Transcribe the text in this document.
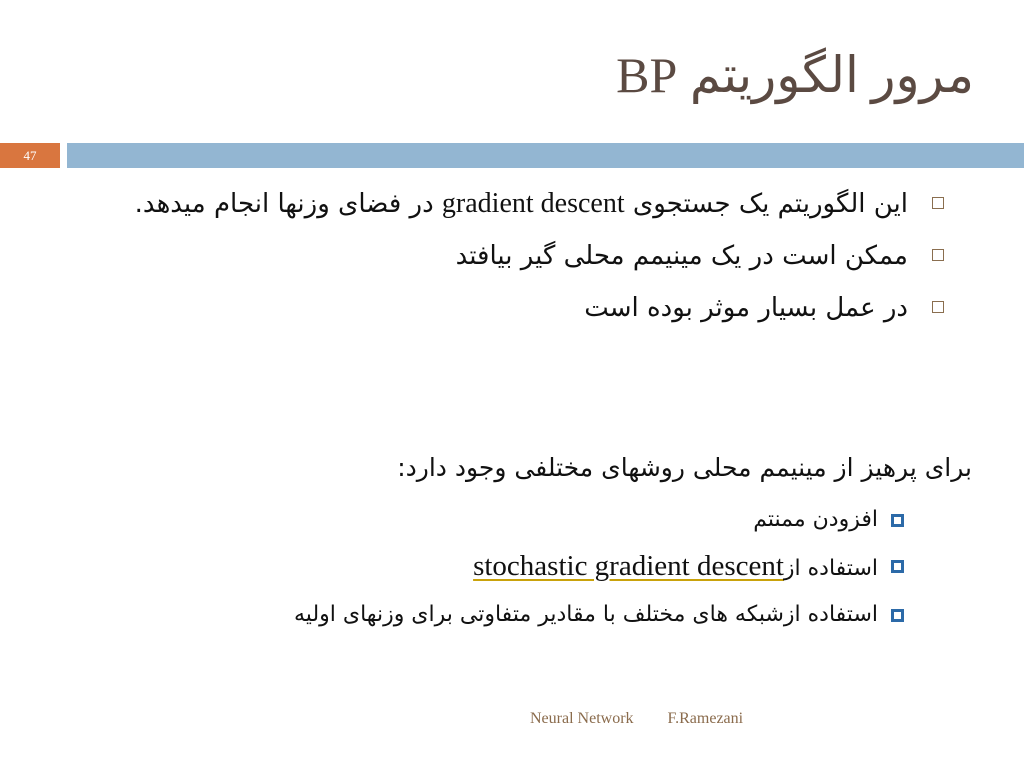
مرور الگوریتم BP
47
این الگوریتم یک جستجوی gradient descent در فضای وزنها انجام میدهد.
ممکن است در یک مینیمم محلی گیر بیافتد
در عمل بسیار موثر بوده است
برای پرهیز از مینیمم محلی روشهای مختلفی وجود دارد:
افزودن ممنتم
استفاده ازstochastic gradient descent
استفاده ازشبکه های مختلف با مقادیر متفاوتی برای وزنهای اولیه
Neural Network F.Ramezani
